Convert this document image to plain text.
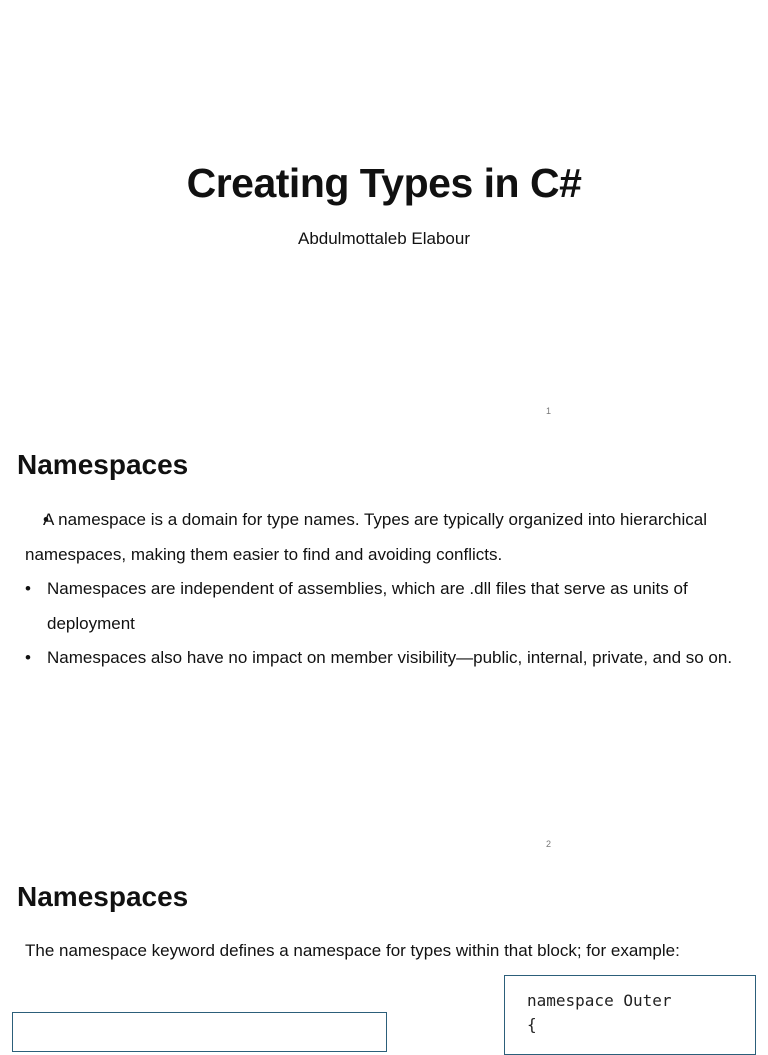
Creating Types in C#

Abdulmottaleb Elabour

1
Namespaces
• A namespace is a domain for type names. Types are typically organized into hierarchical namespaces, making them easier to find and avoiding conflicts.
• Namespaces are independent of assemblies, which are .dll files that serve as units of deployment
• Namespaces also have no impact on member visibility—public, internal, private, and so on.
2
Namespaces

The namespace keyword defines a namespace for types within that block; for example:

namespace Outer
{
